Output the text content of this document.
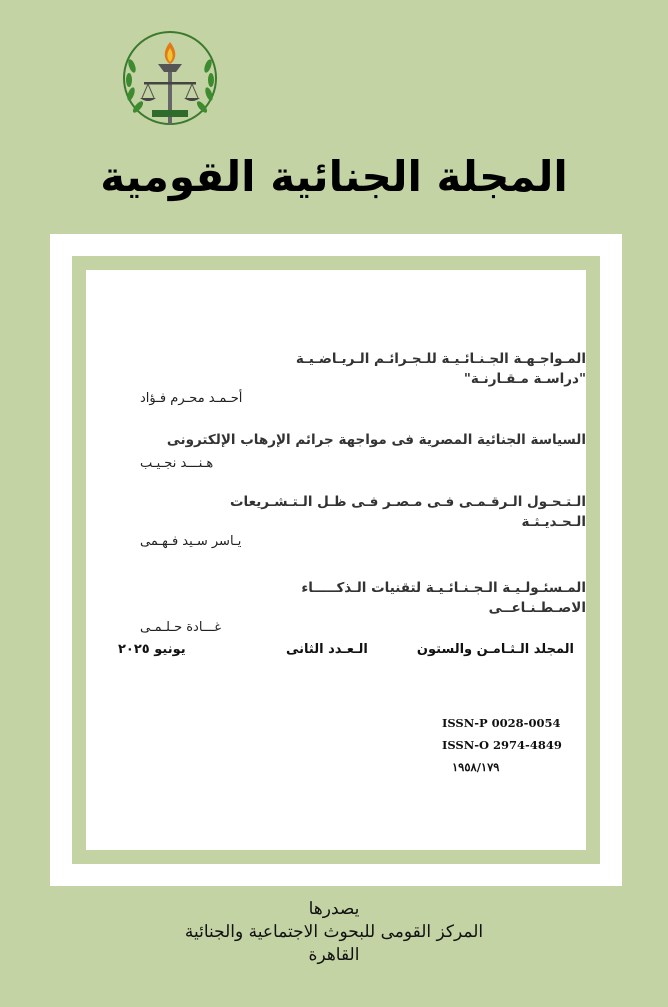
المجلة الجنائية القومية
المـواجـهـة الجـنـائـيـة للـجـرائـم الـريـاضـيـة
"دراسـة مـقـارنـة"
أحـمـد محـرم فـؤاد
السياسة الجنائية المصرية فى مواجهة جرائم الإرهاب الإلكترونى
هـنـــد نجـيـب
الـتـحـول الـرقـمـى فـى مـصـر فـى ظـل الـتـشـريعات
الـحـديـثـة
يـاسر سـيد فـهـمى
المـسئـولـيـة الـجـنـائـيـة لتقنيات الـذكـــــاء
الاصـطـنـاعــى
غـــادة حـلـمـى
المجلد الـثـامـن والستون
الـعـدد الثانى
يونيو ٢٠٢٥
ISSN-P 0028-0054
ISSN-O 2974-4849
١٩٥٨/١٧٩
يصدرها
المركز القومى للبحوث الاجتماعية والجنائية
القاهرة
